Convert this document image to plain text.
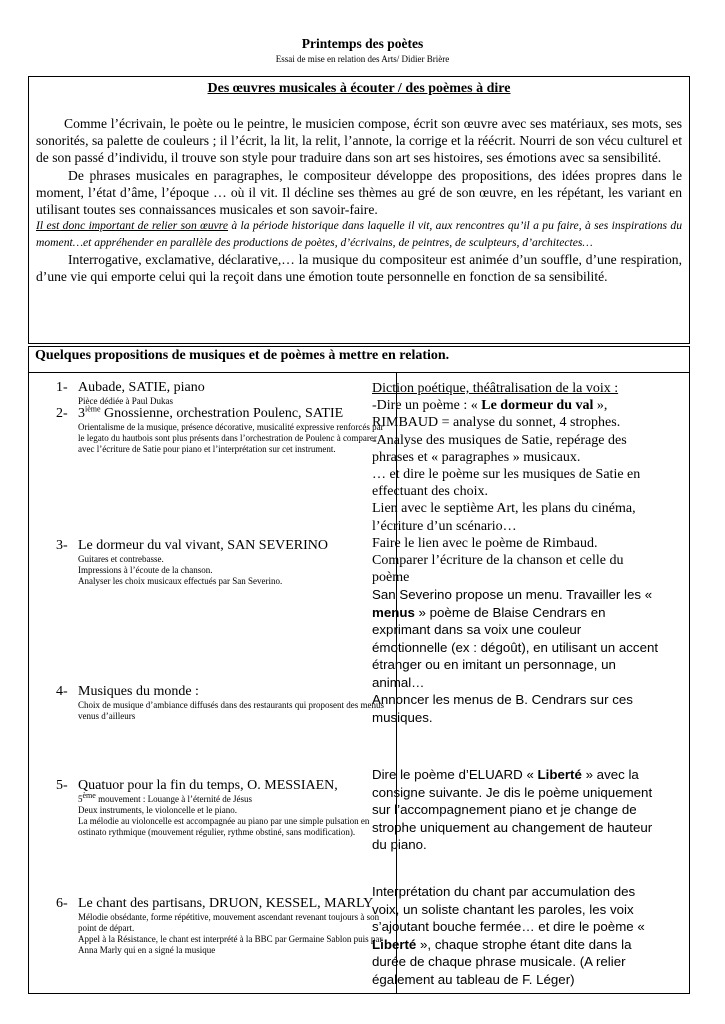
Printemps des poètes
Essai de mise en relation des Arts/ Didier Brière
Des œuvres musicales à écouter / des poèmes à dire

Comme l’écrivain, le poète ou le peintre, le musicien compose, écrit son œuvre avec ses matériaux, ses mots, ses sonorités, sa palette de couleurs ; il l’écrit, la lit, la relit, l’annote, la corrige et la réécrit. Nourri de son vécu culturel et de son passé d’individu, il trouve son style pour traduire dans son art ses histoires, ses émotions avec sa sensibilité.

De phrases musicales en paragraphes, le compositeur développe des propositions, des idées propres dans le moment, l’état d’âme, l’époque … où il vit. Il décline ses thèmes au gré de son œuvre, en les répétant, les variant en utilisant toutes ses connaissances musicales et son savoir-faire.

Il est donc important de relier son œuvre à la période historique dans laquelle il vit, aux rencontres qu’il a pu faire, à ses inspirations du moment…et appréhender en parallèle des productions de poètes, d’écrivains, de peintres, de sculpteurs, d’architectes…

Interrogative, exclamative, déclarative,… la musique du compositeur est animée d’un souffle, d’une respiration, d’une vie qui emporte celui qui la reçoit dans une émotion toute personnelle en fonction de sa sensibilité.

Quelques propositions de musiques et de poèmes à mettre en relation.
1- Aubade, SATIE, piano
Pièce dédiée à Paul Dukas
2- 3ième Gnossienne, orchestration Poulenc, SATIE
Orientalisme de la musique, présence décorative, musicalité expressive renforcés par le legato du hautbois sont plus présents dans l’orchestration de Poulenc à comparer avec l’écriture de Satie pour piano et l’interprétation sur cet instrument.
3- Le dormeur du val vivant, SAN SEVERINO
Guitares et contrebasse.
Impressions à l’écoute de la chanson.
Analyser les choix musicaux effectués par San Severino.
4- Musiques du monde :
Choix de musique d’ambiance diffusés dans des restaurants qui proposent des menus venus d’ailleurs
5- Quatuor pour la fin du temps, O. MESSIAEN,
5ème mouvement : Louange à l’éternité de Jésus
Deux instruments, le violoncelle et le piano.
La mélodie au violoncelle est accompagnée au piano par une simple pulsation en ostinato rythmique (mouvement régulier, rythme obstiné, sans modification).
6- Le chant des partisans, DRUON, KESSEL, MARLY
Mélodie obsédante, forme répétitive, mouvement ascendant revenant toujours à son point de départ.
Appel à la Résistance, le chant est interprété à la BBC par Germaine Sablon puis par Anna Marly qui en a signé la musique

Diction poétique, théâtralisation de la voix :

-Dire un poème : « Le dormeur du val », RIMBAUD = analyse du sonnet, 4 strophes.

-Analyse des musiques de Satie, repérage des phrases et « paragraphes » musicaux.

… et dire le poème sur les musiques de Satie en effectuant des choix.

Lien avec le septième Art, les plans du cinéma, l’écriture d’un scénario…

Faire le lien avec le poème de Rimbaud.

Comparer l’écriture de la chanson et celle du poème

San Severino propose un menu. Travailler les « menus » poème de Blaise Cendrars en exprimant dans sa voix une couleur émotionnelle (ex : dégoût), en utilisant un accent étranger ou en imitant un personnage, un animal…

Annoncer les menus de B. Cendrars sur ces musiques.

Dire le poème d’ELUARD « Liberté » avec la consigne suivante. Je dis le poème uniquement sur l’accompagnement piano et je change de strophe uniquement au changement de hauteur du piano.
Interprétation du chant par accumulation des voix, un soliste chantant les paroles, les voix s’ajoutant bouche fermée… et dire le poème « Liberté », chaque strophe étant dite dans la durée de chaque phrase musicale. (A relier également au tableau de F. Léger)
